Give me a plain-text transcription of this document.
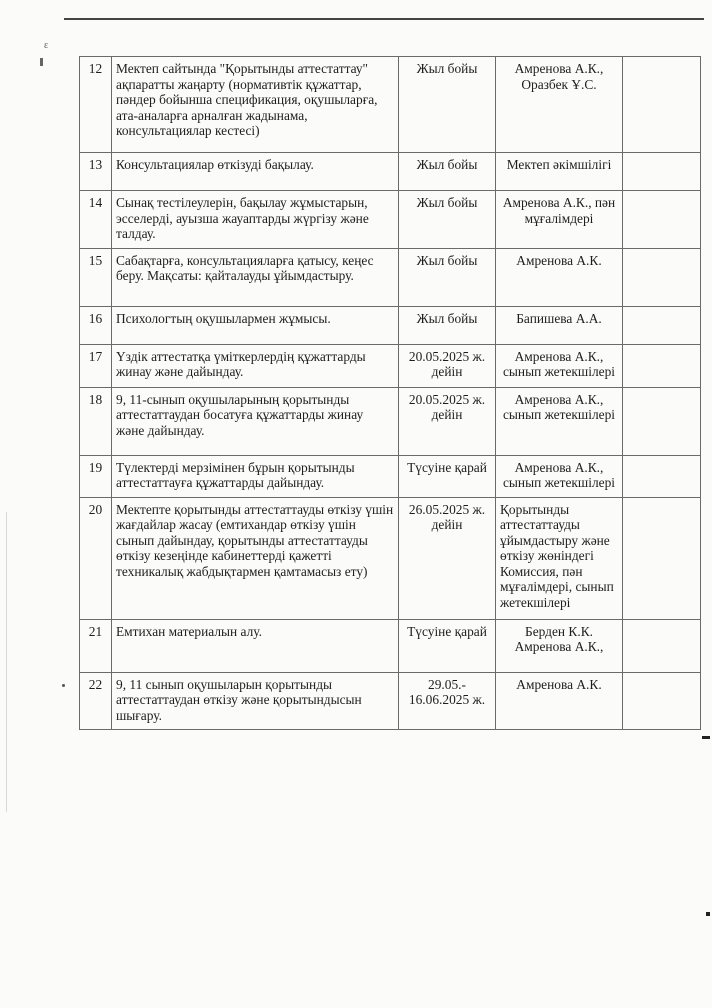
ε
12	Мектеп сайтында "Қорытынды аттестаттау" ақпаратты жаңарту (нормативтік құжаттар, пәндер бойынша спецификация, оқушыларға, ата-аналарға арналған жадынама, консультациялар кестесі)	Жыл бойы	Амренова А.К., Оразбек Ұ.С.	
13	Консультациялар өткізуді бақылау.	Жыл бойы	Мектеп әкімшілігі	
14	Сынақ тестілеулерін, бақылау жұмыстарын, эсселерді, ауызша жауаптарды жүргізу және талдау.	Жыл бойы	Амренова А.К., пән мұғалімдері	
15	Сабақтарға, консультацияларға қатысу, кеңес беру. Мақсаты: қайталауды ұйымдастыру.	Жыл бойы	Амренова А.К.	
16	Психологтың оқушылармен жұмысы.	Жыл бойы	Бапишева А.А.	
17	Үздік аттестатқа үміткерлердің құжаттарды жинау және дайындау.	20.05.2025 ж. дейін	Амренова А.К., сынып жетекшілері	
18	9, 11-сынып оқушыларының қорытынды аттестаттаудан босатуға құжаттарды жинау және дайындау.	20.05.2025 ж. дейін	Амренова А.К., сынып жетекшілері	
19	Түлектерді мерзімінен бұрын қорытынды аттестаттауға құжаттарды дайындау.	Түсуіне қарай	Амренова А.К., сынып жетекшілері	
20	Мектепте қорытынды аттестаттауды өткізу үшін жағдайлар жасау (емтихандар өткізу үшін сынып дайындау, қорытынды аттестаттауды өткізу кезеңінде кабинеттерді қажетті техникалық жабдықтармен қамтамасыз ету)	26.05.2025 ж. дейін	Қорытынды аттестаттауды ұйымдастыру және өткізу жөніндегі Комиссия, пән мұғалімдері, сынып жетекшілері	
21	Емтихан материалын алу.	Түсуіне қарай	Берден К.К. Амренова А.К.,	
22	9, 11 сынып оқушыларын қорытынды аттестаттаудан өткізу және қорытындысын шығару.	29.05.- 16.06.2025 ж.	Амренова А.К.	
